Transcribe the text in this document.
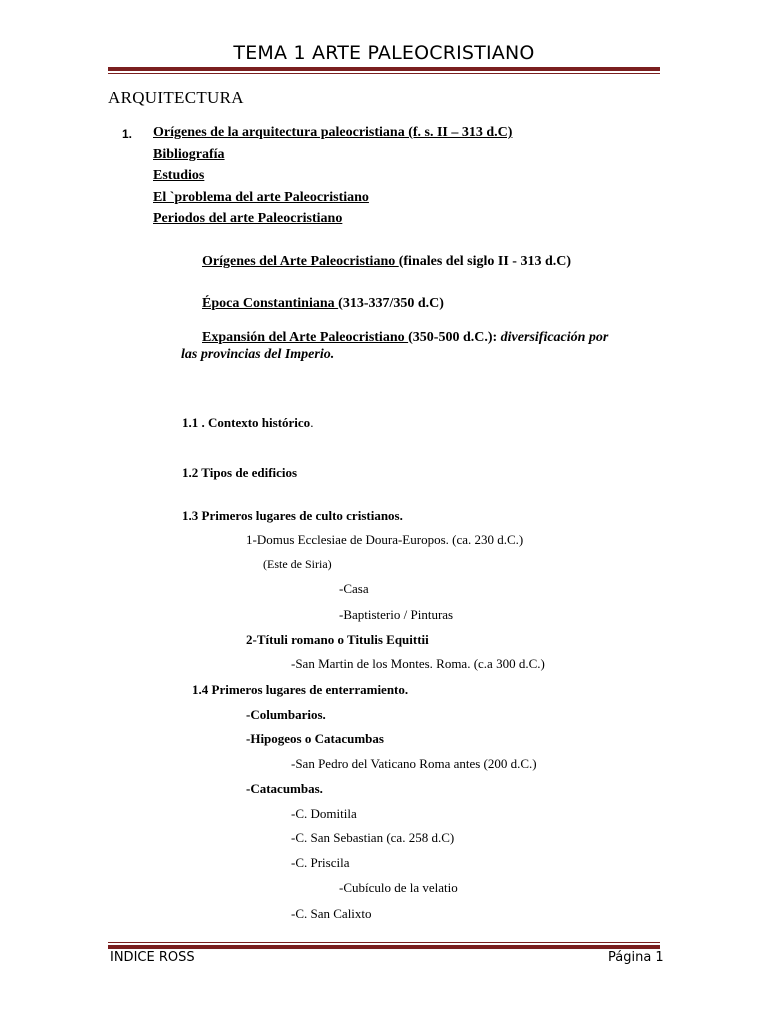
TEMA 1 ARTE PALEOCRISTIANO
ARQUITECTURA
1. Orígenes de la arquitectura paleocristiana (f. s. II – 313 d.C)
Bibliografía
Estudios
El `problema del arte Paleocristiano
Periodos del arte Paleocristiano
Orígenes del Arte Paleocristiano (finales del siglo II - 313 d.C)
Época Constantiniana (313-337/350 d.C)
Expansión del Arte Paleocristiano (350-500 d.C.): diversificación por
las provincias del Imperio.
1.1 . Contexto histórico.
1.2 Tipos de edificios
1.3 Primeros lugares de culto cristianos.
1-Domus Ecclesiae de Doura-Europos. (ca. 230 d.C.)
(Este de Siria)
-Casa
-Baptisterio / Pinturas
2-Títuli romano o Titulis Equittii
-San Martin de los Montes. Roma. (c.a 300 d.C.)
1.4 Primeros lugares de enterramiento.
-Columbarios.
-Hipogeos o Catacumbas
-San Pedro del Vaticano Roma antes (200 d.C.)
-Catacumbas.
-C. Domitila
-C. San Sebastian (ca. 258 d.C)
-C. Priscila
-Cubículo de la velatio
-C. San Calixto
INDICE ROSS	Página 1
